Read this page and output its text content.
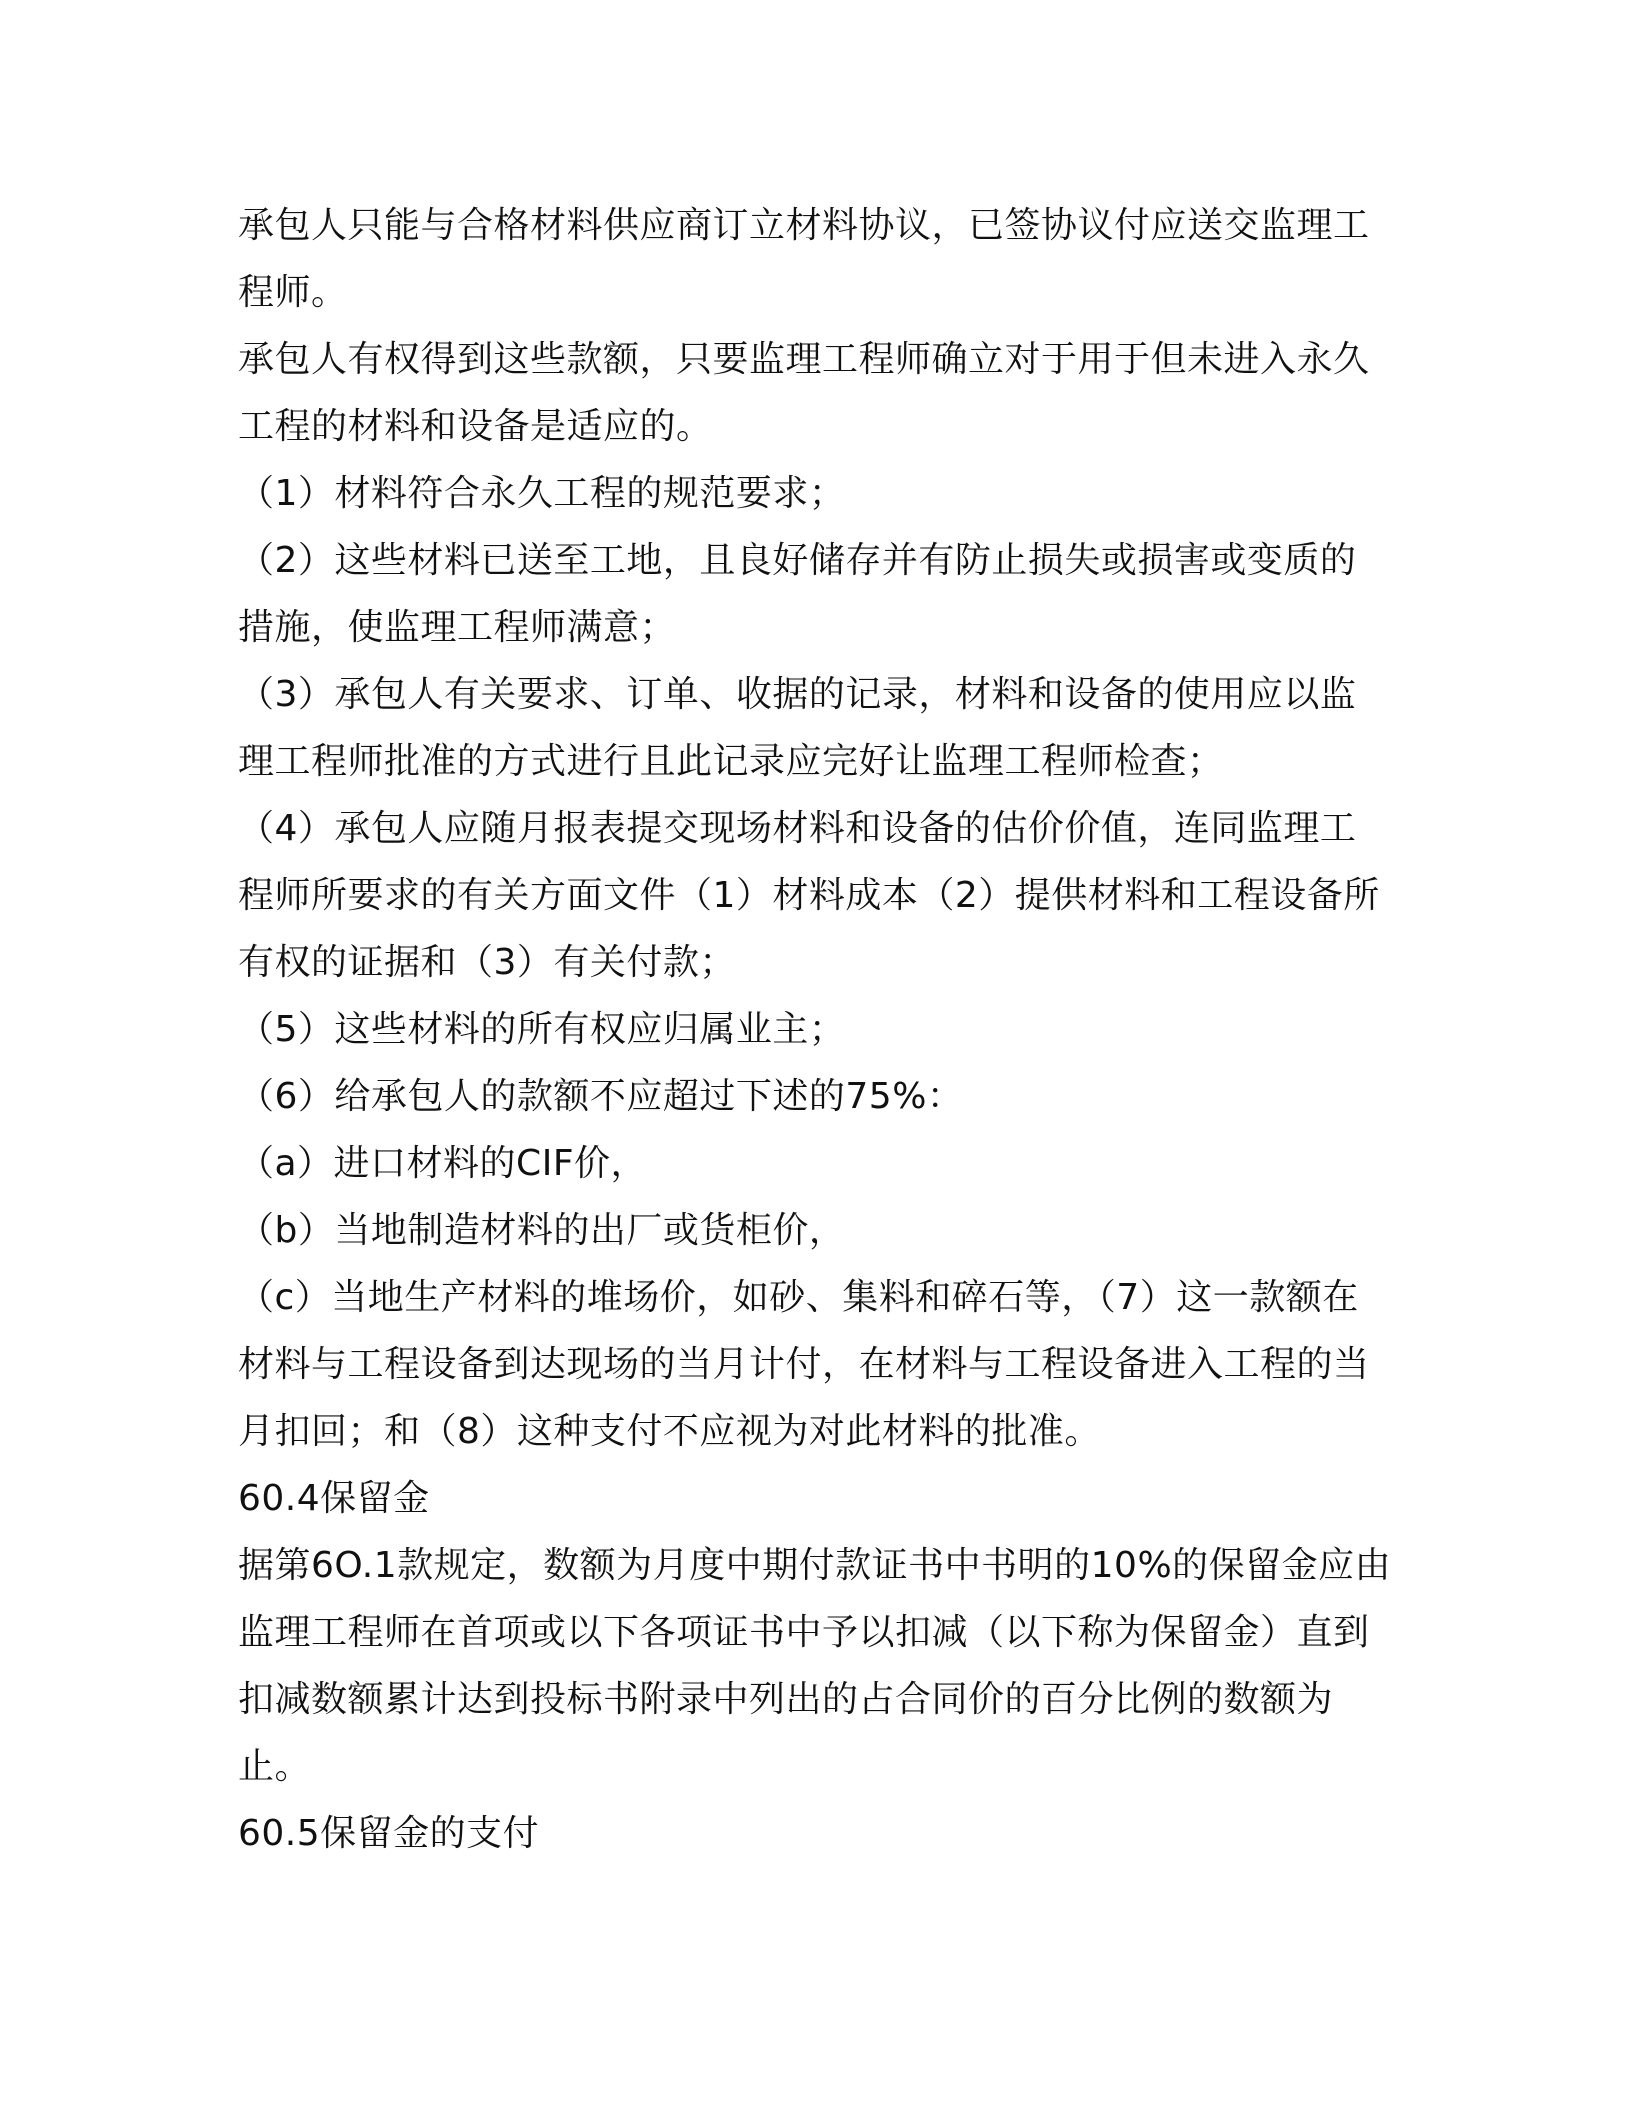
承包人只能与合格材料供应商订立材料协议，已签协议付应送交监理工
程师。
承包人有权得到这些款额，只要监理工程师确立对于用于但未进入永久
工程的材料和设备是适应的。
（1）材料符合永久工程的规范要求；
（2）这些材料已送至工地，且良好储存并有防止损失或损害或变质的
措施，使监理工程师满意；
（3）承包人有关要求、订单、收据的记录，材料和设备的使用应以监
理工程师批准的方式进行且此记录应完好让监理工程师检查；
（4）承包人应随月报表提交现场材料和设备的估价价值，连同监理工
程师所要求的有关方面文件（1）材料成本（2）提供材料和工程设备所
有权的证据和（3）有关付款；
（5）这些材料的所有权应归属业主；
（6）给承包人的款额不应超过下述的75%：
（a）进口材料的CIF价，
（b）当地制造材料的出厂或货柜价，
（c）当地生产材料的堆场价，如砂、集料和碎石等，（7）这一款额在
材料与工程设备到达现场的当月计付，在材料与工程设备进入工程的当
月扣回；和（8）这种支付不应视为对此材料的批准。
60.4保留金
据第6O.1款规定，数额为月度中期付款证书中书明的10%的保留金应由
监理工程师在首项或以下各项证书中予以扣减（以下称为保留金）直到
扣减数额累计达到投标书附录中列出的占合同价的百分比例的数额为
止。
60.5保留金的支付
